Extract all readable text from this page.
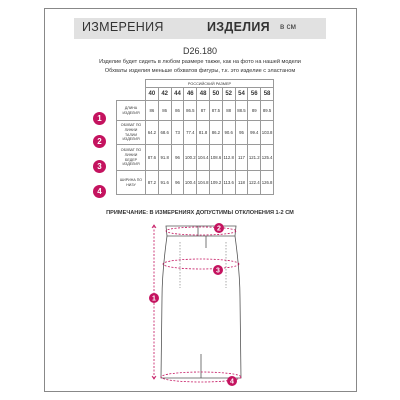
ИЗМЕРЕНИЯ	ИЗДЕЛИЯ в см
D26.180
Изделие будет сидеть в любом размере также, как на фото на нашей модели
Обхваты изделия меньше обхватов фигуры, т.к. это изделие с эластаном
	РОССИЙСКИЙ РАЗМЕР									
	40	42	44	46	48	50	52	54	56	58
ДЛИНА
ИЗДЕЛИЯ	86	86	86	86.5	87	87.5	88	88.5	89	89.5
ОБХВАТ ПО
ЛИНИИ
ТАЛИИ
ИЗДЕЛИЯ	64.2	68.6	73	77.4	81.8	86.2	90.6	95	99.4	103.8
ОБХВАТ ПО
ЛИНИИ
БЕДЕР
ИЗДЕЛИЯ	87.6	91.8	96	100.2	104.4	108.6	112.8	117	121.2	125.4
ШИРИНА ПО
НИЗУ	87.2	91.6	96	100.4	104.8	109.2	113.6	118	122.4	126.8
1
2
3
4
ПРИМЕЧАНИЕ: В ИЗМЕРЕНИЯХ ДОПУСТИМЫ ОТКЛОНЕНИЯ 1-2 СМ
1
2
3
4
